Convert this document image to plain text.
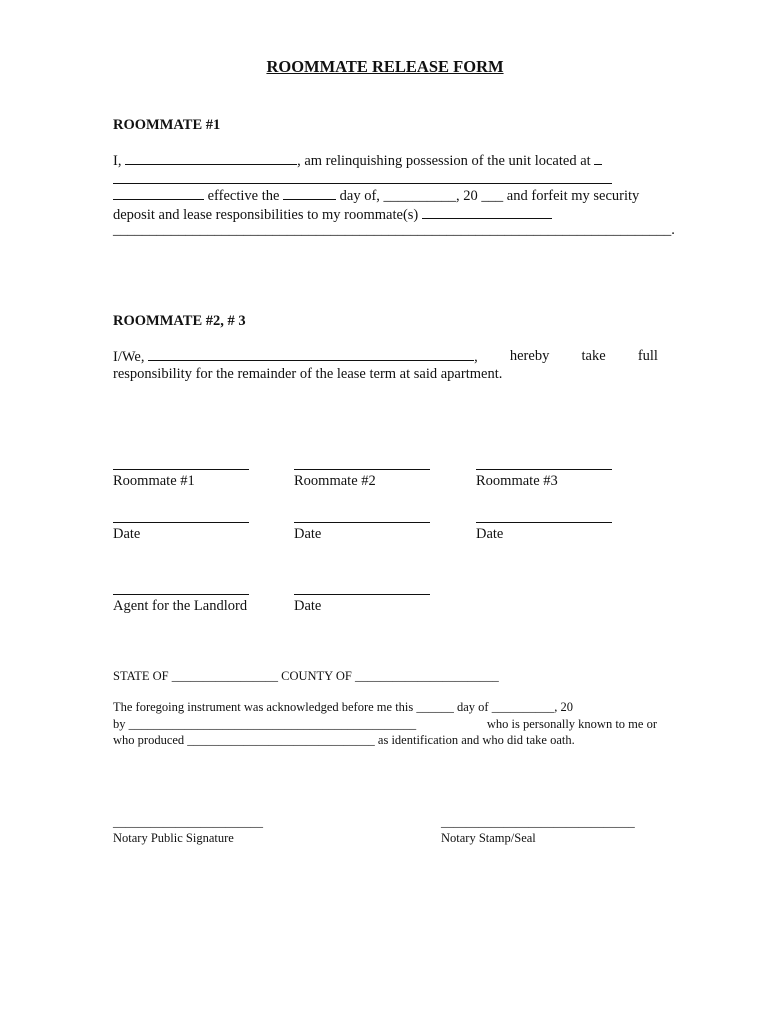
ROOMMATE RELEASE FORM
ROOMMATE #1
I,	, am relinquishing possession of the unit located at
effective the	day of, __________, 20 ___ and forfeit my security
deposit and lease responsibilities to my roommate(s)
_____________________________________________________________________________.
ROOMMATE #2, # 3
I/We,	, hereby take full
responsibility for the remainder of the lease term at said apartment.
Roommate #1	Roommate #2	Roommate #3
Date	Date	Date
Agent for the Landlord	Date
STATE OF _________________ COUNTY OF _______________________
The foregoing instrument was acknowledged before me this ______ day of __________, 20
by ______________________________________________	who is personally known to me or
who produced ______________________________ as identification and who did take oath.
________________________
Notary Public Signature
_______________________________
Notary Stamp/Seal
